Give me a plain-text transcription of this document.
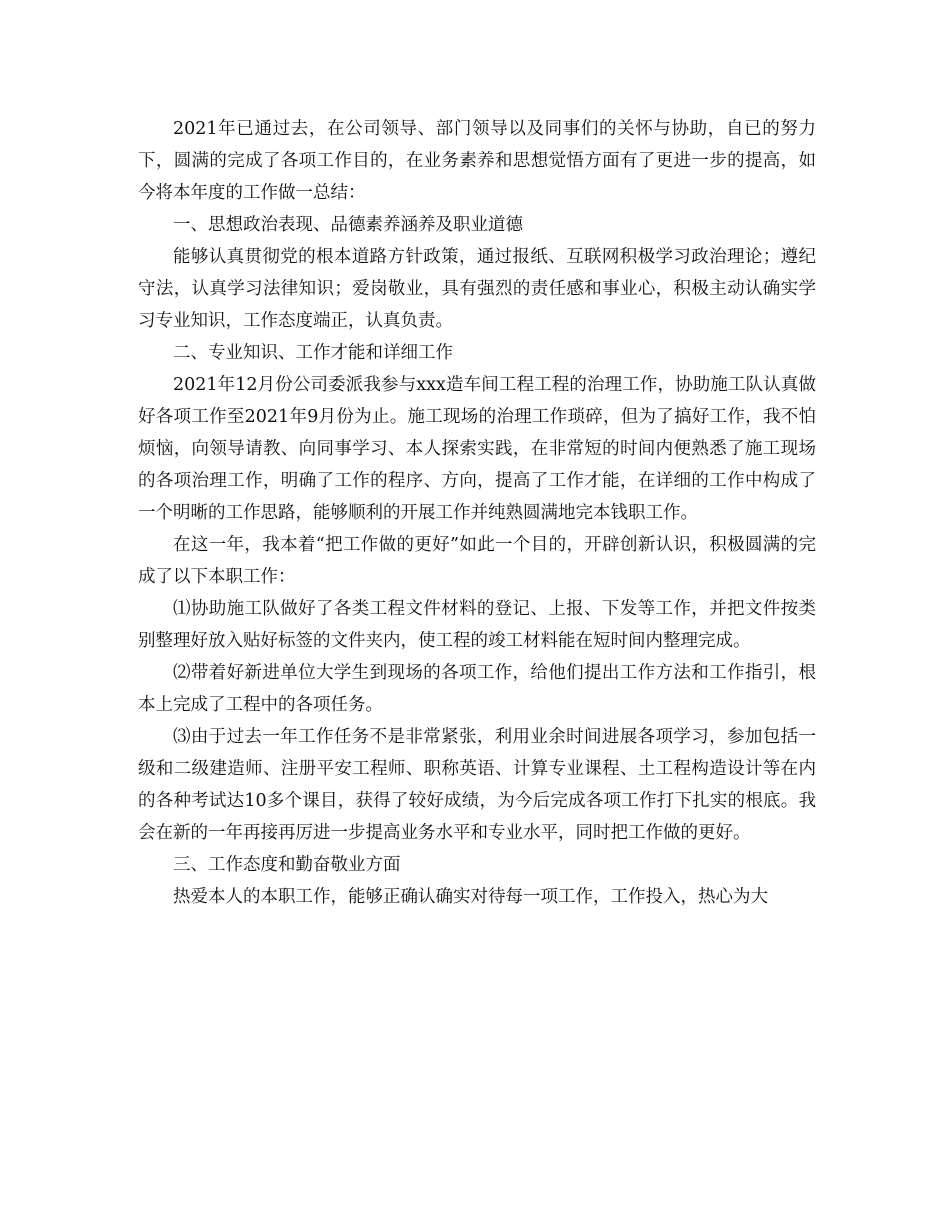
2021年已通过去，在公司领导、部门领导以及同事们的关怀与协助，自已的努力下，圆满的完成了各项工作目的，在业务素养和思想觉悟方面有了更进一步的提高，如今将本年度的工作做一总结：

一、思想政治表现、品德素养涵养及职业道德

能够认真贯彻党的根本道路方针政策，通过报纸、互联网积极学习政治理论；遵纪守法，认真学习法律知识；爱岗敬业，具有强烈的责任感和事业心，积极主动认确实学习专业知识，工作态度端正，认真负责。

二、专业知识、工作才能和详细工作

2021年12月份公司委派我参与xxx造车间工程工程的治理工作，协助施工队认真做好各项工作至2021年9月份为止。施工现场的治理工作琐碎，但为了搞好工作，我不怕烦恼，向领导请教、向同事学习、本人探索实践，在非常短的时间内便熟悉了施工现场的各项治理工作，明确了工作的程序、方向，提高了工作才能，在详细的工作中构成了一个明晰的工作思路，能够顺利的开展工作并纯熟圆满地完本钱职工作。

在这一年，我本着“把工作做的更好”如此一个目的，开辟创新认识，积极圆满的完成了以下本职工作：

⑴协助施工队做好了各类工程文件材料的登记、上报、下发等工作，并把文件按类别整理好放入贴好标签的文件夹内，使工程的竣工材料能在短时间内整理完成。

⑵带着好新进单位大学生到现场的各项工作，给他们提出工作方法和工作指引，根本上完成了工程中的各项任务。

⑶由于过去一年工作任务不是非常紧张，利用业余时间进展各项学习，参加包括一级和二级建造师、注册平安工程师、职称英语、计算专业课程、土工程构造设计等在内的各种考试达10多个课目，获得了较好成绩，为今后完成各项工作打下扎实的根底。我会在新的一年再接再厉进一步提高业务水平和专业水平，同时把工作做的更好。

三、工作态度和勤奋敬业方面

热爱本人的本职工作，能够正确认确实对待每一项工作，工作投入，热心为大
